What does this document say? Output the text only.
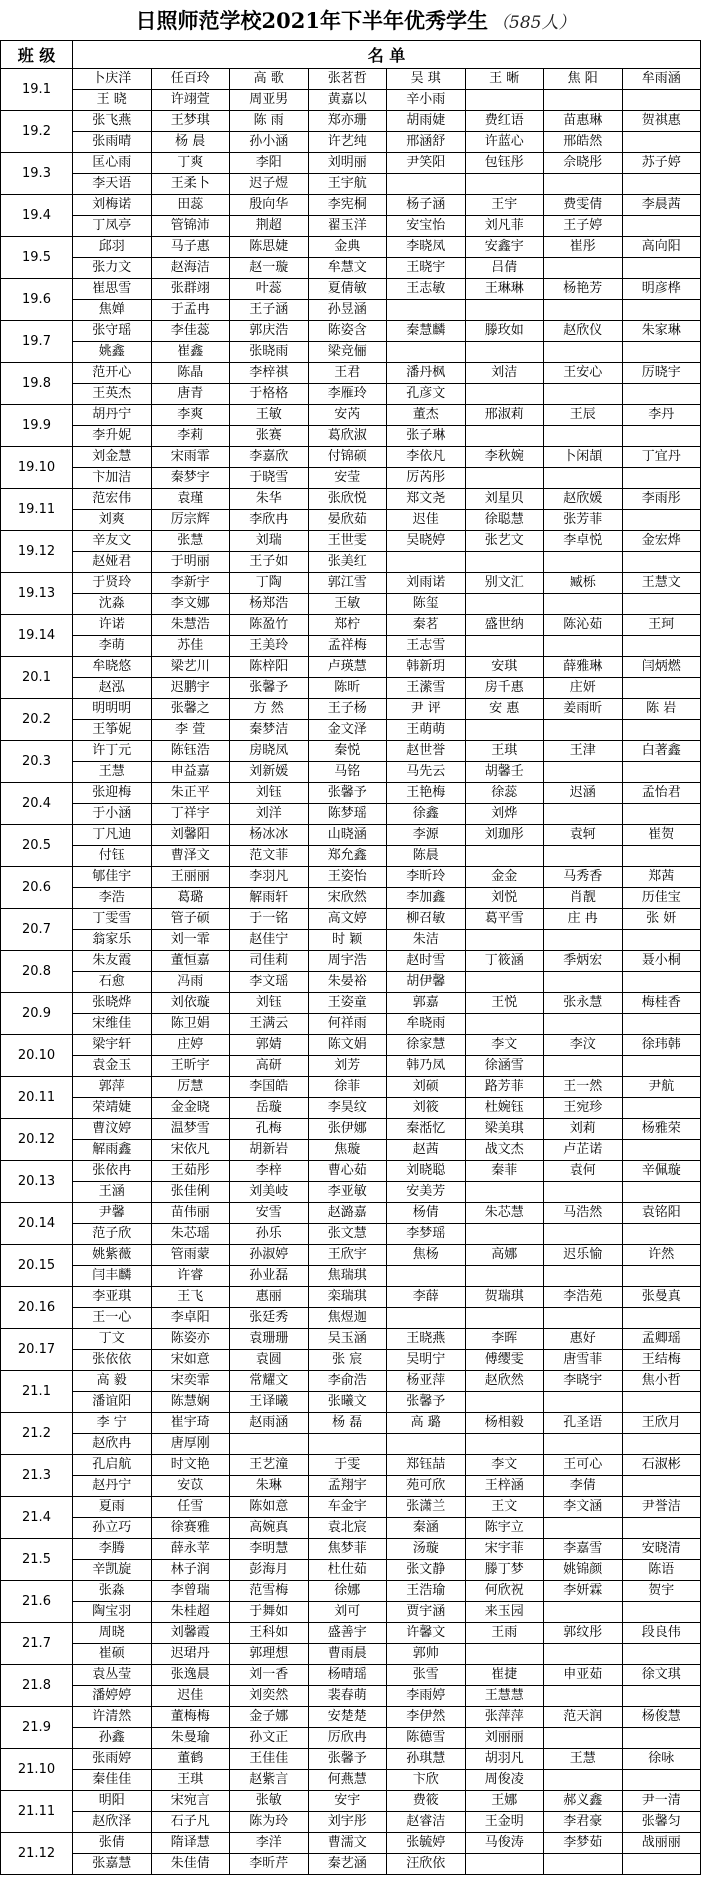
日照师范学校2021年下半年优秀学生 （585人）
班 级	名 单							
19.1	卜庆洋	任百玲	高 歌	张茗哲	吴 琪	王 晰	焦 阳	牟雨涵
	王 晓	许翊萱	周亚男	黄嘉以	辛小雨			
19.2	张飞燕	王梦琪	陈 雨	郑亦珊	胡雨婕	费红语	苗惠琳	贺祺惠
	张雨晴	杨 晨	孙小涵	许艺纯	邢涵舒	许蓝心	邢皓然	
19.3	匡心雨	丁爽	李阳	刘明丽	尹笑阳	包钰彤	佘晓彤	苏子婷
	李天语	王柔卜	迟子煜	王宇航				
19.4	刘梅诺	田蕊	殷向华	李宪桐	杨子涵	王宇	费雯倩	李晨茜
	丁凤亭	管锦沛	荆超	翟玉洋	安宝怡	刘凡菲	王子婷	
19.5	邱羽	马子惠	陈思婕	金典	李晓凤	安鑫宇	崔彤	高向阳
	张力文	赵海洁	赵一璇	牟慧文	王晓宇	吕倩		
19.6	崔思雪	张群翊	叶蕊	夏倩敏	王志敏	王琳琳	杨艳芳	明彦桦
	焦婵	于孟冉	王子涵	孙昱涵				
19.7	张守瑶	李佳蕊	郭庆浩	陈姿含	秦慧麟	滕玫如	赵欣仪	朱家琳
	姚鑫	崔鑫	张晓雨	梁竞俪				
19.8	范开心	陈晶	李梓祺	王君	潘丹枫	刘洁	王安心	厉晓宇
	王英杰	唐青	于格格	李雁玲	孔彦文			
19.9	胡丹宁	李爽	王敏	安芮	董杰	邢淑莉	王辰	李丹
	李升妮	李莉	张赛	葛欣淑	张子琳			
19.10	刘金慧	宋雨霏	李嘉欣	付锦硕	李依凡	李秋婉	卜闲頡	丁宜丹
	卞加洁	秦梦宇	于晓雪	安莹	厉芮彤			
19.11	范宏伟	袁瑾	朱华	张欣悦	郑文尧	刘星贝	赵欣媛	李雨彤
	刘爽	厉宗辉	李欣冉	晏欣茹	迟佳	徐聪慧	张芳菲	
19.12	辛友文	张慧	刘瑞	王世雯	吴晓婷	张艺文	李卓悦	金宏烨
	赵娅君	于明丽	王子如	张美红				
19.13	于贤玲	李新宇	丁陶	郭江雪	刘雨诺	别文汇	臧栎	王慧文
	沈淼	李文娜	杨郑浩	王敏	陈玺			
19.14	许诺	朱慧浩	陈盈竹	郑柠	秦茗	盛世纳	陈沁茹	王珂
	李萌	苏佳	王美玲	孟祥梅	王志雪			
20.1	牟晓悠	梁艺川	陈梓阳	卢瑛慧	韩新玥	安琪	薛雅琳	闫炳燃
	赵泓	迟鹏宇	张馨予	陈昕	王潆雪	房千惠	庄妍	
20.2	明明明	张馨之	方 然	王子杨	尹 评	安 惠	姜雨昕	陈 岩
	王筝妮	李 萱	秦梦洁	金文泽	王萌萌			
20.3	许丁元	陈钰浩	房晓凤	秦悦	赵世誉	王琪	王津	白著鑫
	王慧	申益嘉	刘新媛	马铭	马先云	胡馨壬		
20.4	张迎梅	朱正平	刘钰	张馨予	王艳梅	徐蕊	迟涵	孟怡君
	于小涵	丁祥宇	刘洋	陈梦瑶	徐鑫	刘烨		
20.5	丁凡迪	刘馨阳	杨冰冰	山晓涵	李源	刘珈彤	袁轲	崔贺
	付钰	曹泽文	范文菲	郑允鑫	陈晨			
20.6	郇佳宇	王丽丽	李羽凡	王姿怡	李昕玲	金金	马秀香	郑茜
	李浩	葛璐	解雨轩	宋欣然	李加鑫	刘悦	肖靓	历佳宝
20.7	丁雯雪	管子硕	于一铭	高文婷	柳召敏	葛平雪	庄 冉	张 妍
	翁家乐	刘一霏	赵佳宁	时 颖	朱洁			
20.8	朱友霞	董恒嘉	司佳莉	周宇浩	赵时雪	丁筱涵	季炳宏	聂小桐
	石愈	冯雨	李文瑶	朱晏裕	胡伊馨			
20.9	张晓烨	刘依璇	刘钰	王姿童	郭嘉	王悦	张永慧	梅桂香
	宋维佳	陈卫娟	王满云	何祥雨	牟晓雨			
20.10	梁宇轩	庄婷	郭婧	陈文娟	徐家慧	李文	李汶	徐玮韩
	袁金玉	王昕宇	高研	刘芳	韩乃凤	徐涵雪		
20.11	郭萍	厉慧	李国皓	徐菲	刘硕	路芳菲	王一然	尹航
	荣靖婕	金金晓	岳璇	李昊纹	刘筱	杜婉钰	王宛珍	
20.12	曹汶婷	温梦雪	孔梅	张伊娜	秦湉忆	梁美琪	刘莉	杨雅荣
	解雨鑫	宋依凡	胡新岩	焦璇	赵茜	战文杰	卢芷诺	
20.13	张依冉	王茹彤	李梓	曹心茹	刘晓聪	秦菲	袁何	辛佩璇
	王涵	张佳俐	刘美岐	李亚敏	安美芳			
20.14	尹馨	苗伟丽	安雪	赵潞嘉	杨倩	朱芯慧	马浩然	袁铭阳
	范子欣	朱芯瑶	孙乐	张文慧	李梦瑶			
20.15	姚紫薇	管雨蒙	孙淑婷	王欣宇	焦杨	高娜	迟乐愉	许然
	闫丰麟	许睿	孙业磊	焦瑞琪				
20.16	李亚琪	王飞	惠丽	栾瑞琪	李薛	贺瑞琪	李浩苑	张曼真
	王一心	李卓阳	张廷秀	焦煜迦				
20.17	丁文	陈姿亦	袁珊珊	吴玉涵	王晓燕	李晖	惠好	孟卿瑶
	张依依	宋如意	袁圆	张 宸	吴明宁	傅缨雯	唐雪菲	王结梅
21.1	高 毅	宋奕霏	常耀文	李俞浩	杨亚萍	赵欣然	李晓宇	焦小哲
	潘谊阳	陈慧娴	王译曦	张曦文	张馨予			
21.2	李 宁	崔宇琦	赵雨涵	杨 磊	高 璐	杨相毅	孔圣语	王欣月
	赵欣冉	唐厚刚						
21.3	孔启航	时文艳	王艺潼	于雯	郑钰喆	李文	王可心	石淑彬
	赵丹宁	安苡	朱琳	孟翔宇	苑可欣	王梓涵	李倩	
21.4	夏雨	任雪	陈如意	车金宇	张潇兰	王文	李文涵	尹誉洁
	孙立巧	徐赛雅	高婉真	袁北宸	秦涵	陈宇立		
21.5	李腾	薛永苹	李明慧	焦梦菲	汤璇	宋宇菲	李嘉雪	安晓清
	辛凯旋	林子润	彭海月	杜仕茹	张文静	滕丁梦	姚锦颜	陈语
21.6	张淼	李曾瑞	范雪梅	徐娜	王浩瑜	何欣祝	李妍霖	贺宇
	陶宝羽	朱桂超	于舞如	刘可	贾宇涵	来玉园		
21.7	周晓	刘馨霞	王科如	盛善宇	许馨文	王雨	郭纹彤	段良伟
	崔硕	迟珺丹	郭理想	曹雨晨	郭帅			
21.8	袁丛莹	张逸晨	刘一香	杨晴瑶	张雪	崔捷	申亚茹	徐文琪
	潘婷婷	迟佳	刘奕然	裴春萌	李雨婷	王慧慧		
21.9	许清然	董梅梅	金子娜	安楚楚	李伊然	张萍萍	范天润	杨俊慧
	孙鑫	朱曼瑜	孙文正	厉欣冉	陈德雪	刘丽丽		
21.10	张雨婷	董鹤	王佳佳	张馨予	孙琪慧	胡羽凡	王慧	徐咏
	秦佳佳	王琪	赵紫言	何燕慧	卞欣	周俊凌		
21.11	明阳	宋宛言	张敏	安宇	费筱	王娜	郝义鑫	尹一清
	赵欣泽	石子凡	陈为玲	刘宇彤	赵睿洁	王金明	李君豪	张馨匀
21.12	张倩	隋译慧	李洋	曹濡文	张毓婷	马俊涛	李梦茹	战丽丽
	张嘉慧	朱佳倩	李昕芹	秦艺涵	汪欣依			
